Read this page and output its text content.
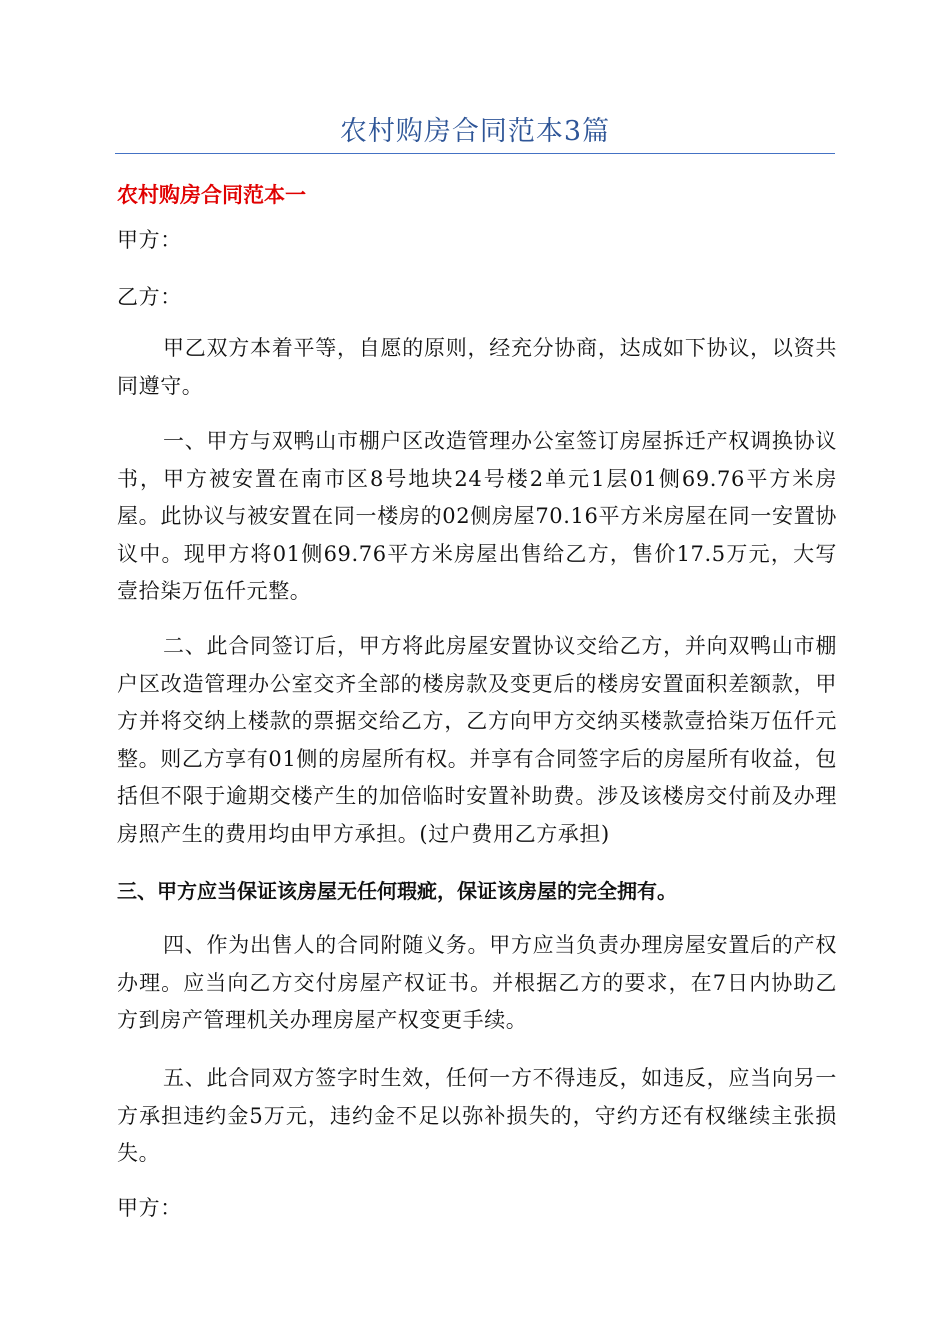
农村购房合同范本3篇
农村购房合同范本一

甲方：

乙方：

甲乙双方本着平等，自愿的原则，经充分协商，达成如下协议，以资共同遵守。

一、甲方与双鸭山市棚户区改造管理办公室签订房屋拆迁产权调换协议书，甲方被安置在南市区8号地块24号楼2单元1层01侧69.76平方米房屋。此协议与被安置在同一楼房的02侧房屋70.16平方米房屋在同一安置协议中。现甲方将01侧69.76平方米房屋出售给乙方，售价17.5万元，大写壹拾柒万伍仟元整。

二、此合同签订后，甲方将此房屋安置协议交给乙方，并向双鸭山市棚户区改造管理办公室交齐全部的楼房款及变更后的楼房安置面积差额款，甲方并将交纳上楼款的票据交给乙方，乙方向甲方交纳买楼款壹拾柒万伍仟元整。则乙方享有01侧的房屋所有权。并享有合同签字后的房屋所有收益，包括但不限于逾期交楼产生的加倍临时安置补助费。涉及该楼房交付前及办理房照产生的费用均由甲方承担。(过户费用乙方承担)

三、甲方应当保证该房屋无任何瑕疵，保证该房屋的完全拥有。

四、作为出售人的合同附随义务。甲方应当负责办理房屋安置后的产权办理。应当向乙方交付房屋产权证书。并根据乙方的要求，在7日内协助乙方到房产管理机关办理房屋产权变更手续。

五、此合同双方签字时生效，任何一方不得违反，如违反，应当向另一方承担违约金5万元，违约金不足以弥补损失的，守约方还有权继续主张损失。

甲方：
